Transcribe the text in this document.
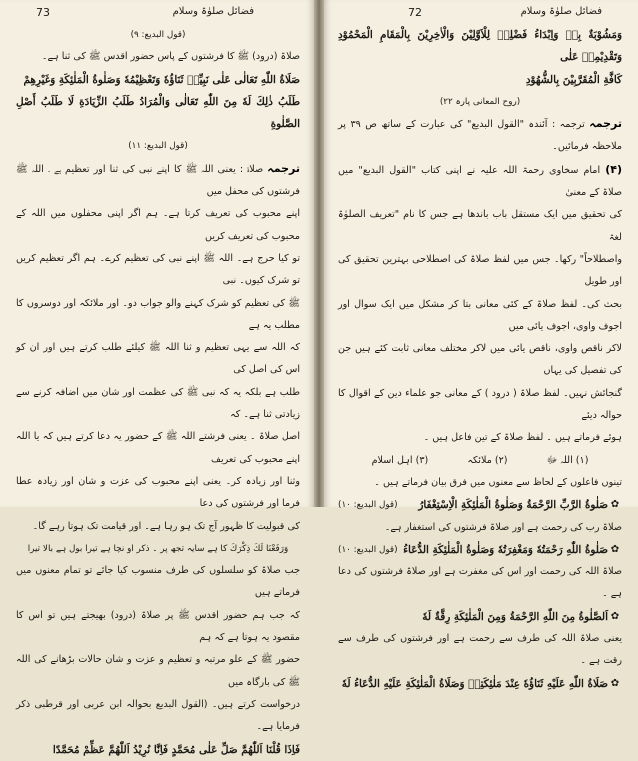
73	فضائل صلوٰۃ وسلام

(قول البدیع: ۹)

صلاۃ (درود) ﷺ کا فرشتوں کے پاس حضور اقدس ﷺ کی ثنا ہے۔

صَلَاةُ اللّٰهِ تَعَالٰی عَلٰی نَبِيِّهٖ ثَنَاؤُهٗ وَتَعْظِيْمُهٗ وَصَلٰوةُ الْمَلٰئِكَةِ وَغَيْرِهِمْ

طَلَبُ ذٰلِكَ لَهٗ مِنَ اللّٰهِ تَعَالٰی وَالْمُرَادُ طَلَبُ الزِّيَادَةِ لَا طَلَبُ أَصْلِ الصَّلٰوةِ

(قول البدیع: ۱۱)

ترجمہ صلاۃ : یعنی اللہ ﷺ کا اپنے نبی کی ثنا اور تعظیم ہے ۔ اللہ ﷺ فرشتوں کی محفل میں

اپنے محبوب کی تعریف کرتا ہے۔ ہم اگر اپنی محفلوں میں اللہ کے محبوب کی تعریف کریں

تو کیا حرج ہے۔ اللہ ﷺ اپنے نبی کی تعظیم کرے۔ ہم اگر تعظیم کریں تو شرک کیوں۔ نبی

ﷺ کی تعظیم کو شرک کہنے والو جواب دو۔ اور ملائکہ اور دوسروں کا مطلب یہ ہے

کہ اللہ سے یہی تعظیم و ثنا اللہ ﷺ کیلئے طلب کرتے ہیں اور ان کو اس کی اصل کی

طلب ہے بلکہ یہ کہ نبی ﷺ کی عظمت اور شان میں اضافہ کرنے سے زیادتی ثنا ہے۔ کہ

اصل صلاۃ ۔ یعنی فرشتے اللہ ﷺ کے حضور یہ دعا کرتے ہیں کہ یا اللہ اپنے محبوب کی تعریف

وثنا اور زیادہ کر۔ یعنی اپنے محبوب کی عزت و شان اور زیادہ عطا فرما اور فرشتوں کی دعا

کی قبولیت کا ظہور آج تک ہو رہا ہے۔ اور قیامت تک ہوتا رہے گا۔

وَرَفَعْنَا لَكَ ذِكْرَكَ کا ہے سایہ تجھ پر ۔ ذکر او نچا ہے تیرا بول ہے بالا تیرا

جب صلاۃ کو سلسلوں کی طرف منسوب کیا جائے تو تمام معنوں میں فرماتے ہیں

کہ جب ہم حضور اقدس ﷺ پر صلاۃ (درود) بھیجتے ہیں تو اس کا مقصود یہ ہوتا ہے کہ ہم

حضور ﷺ کے علو مرتبہ و تعظیم و عزت و شان حالات بڑھانے کی اللہ ﷺ کی بارگاہ میں

درخواست کرتے ہیں۔ (القول البدیع بحوالہ ابن عربی اور قرطبی ذکر فرمایا ہے۔

فَاِذَا قُلْنَا اَللّٰهُمَّ صَلِّ عَلٰی مُحَمَّدٍ فَاِنَّا نُرِيْدُ اَللّٰهُمَّ عَظِّمْ مُحَمَّدًا

72	فضائل صلوٰۃ وسلام

وَمَشُوْبَةٌ بِهٖ وَاِبْدَاءُ فَضْلِهٖ لِلْاَوَّلِيْنَ وَالْاٰخِرِيْنَ بِالْمَقَامِ الْمَحْمُوْدِ وَتَقْدِيْمِهٖ عَلٰی

كَافَّةِ الْمُقَرَّبِيْنَ بِالشُّهُوْدِ

(روح المعانی پارہ ۲۲)

ترجمہ ترجمہ : آئندہ "القول البدیع" کی عبارت کے ساتھ ص ۳۹ پر ملاحظہ فرمائیں۔

(۴) امام سخاوی رحمۃ اللہ علیہ نے اپنی کتاب "القول البدیع" میں صلاۃ کے معنیٰ

کی تحقیق میں ایک مستقل باب باندھا ہے جس کا نام "تعریف الصلوٰۃ لغۃ

واصطلاحاً" رکھا۔ جس میں لفظ صلاۃ کی اصطلاحی بہترین تحقیق کی اور طویل

بحث کی۔ لفظ صلاۃ کے کئی معانی بتا کر مشکل میں ایک سوال اور اجوف واوی، اجوف یائی میں

لاکر ناقص واوی، ناقص یائی میں لاکر مختلف معانی ثابت کئے ہیں جن کی تفصیل کی یہاں

گنجائش نہیں۔ لفظ صلاۃ ( درود ) کے معانی جو علماء دین کے اقوال کا حوالہ دیئے

ہوئے فرماتے ہیں ۔ لفظ صلاۃ کے تین فاعل ہیں ۔

(۱) اللہ ﷻ
(۲) ملائکہ
(۳) اہل اسلام

تینوں فاعلوں کے لحاظ سے معنوں میں فرق بیان فرماتے ہیں ۔

✿
صَلٰوةُ الرَّبِّ الرَّحْمَةُ وَصَلٰوةُ الْمَلٰئِكَةِ الْاِسْتِغْفَارُ
(قول البدیع: ۱۰)

صلاۃ رب کی رحمت ہے اور صلاۃ فرشتوں کی استغفار ہے۔

✿
صَلٰوةُ اللّٰهِ رَحْمَتُهٗ وَمَغْفِرَتُهٗ وَصَلٰوةُ الْمَلٰئِكَةِ الدُّعَاءُ
(قول البدیع: ۱۰)

صلاۃ اللہ کی رحمت اور اس کی مغفرت ہے اور صلاۃ فرشتوں کی دعا ہے ۔

✿
اَلصَّلٰوةُ مِنَ اللّٰهِ الرَّحْمَةُ وَمِنَ الْمَلٰئِكَةِ رِقَّةٌ لَهٗ

یعنی صلاۃ اللہ کی طرف سے رحمت ہے اور فرشتوں کی طرف سے رقت ہے ۔

✿
صَلَاةُ اللّٰهِ عَلَيْهِ ثَنَاؤُهٗ عِنْدَ مَلٰئِكَتِهٖ وَصَلَاةُ الْمَلٰئِكَةِ عَلَيْهِ الدُّعَاءُ لَهٗ
